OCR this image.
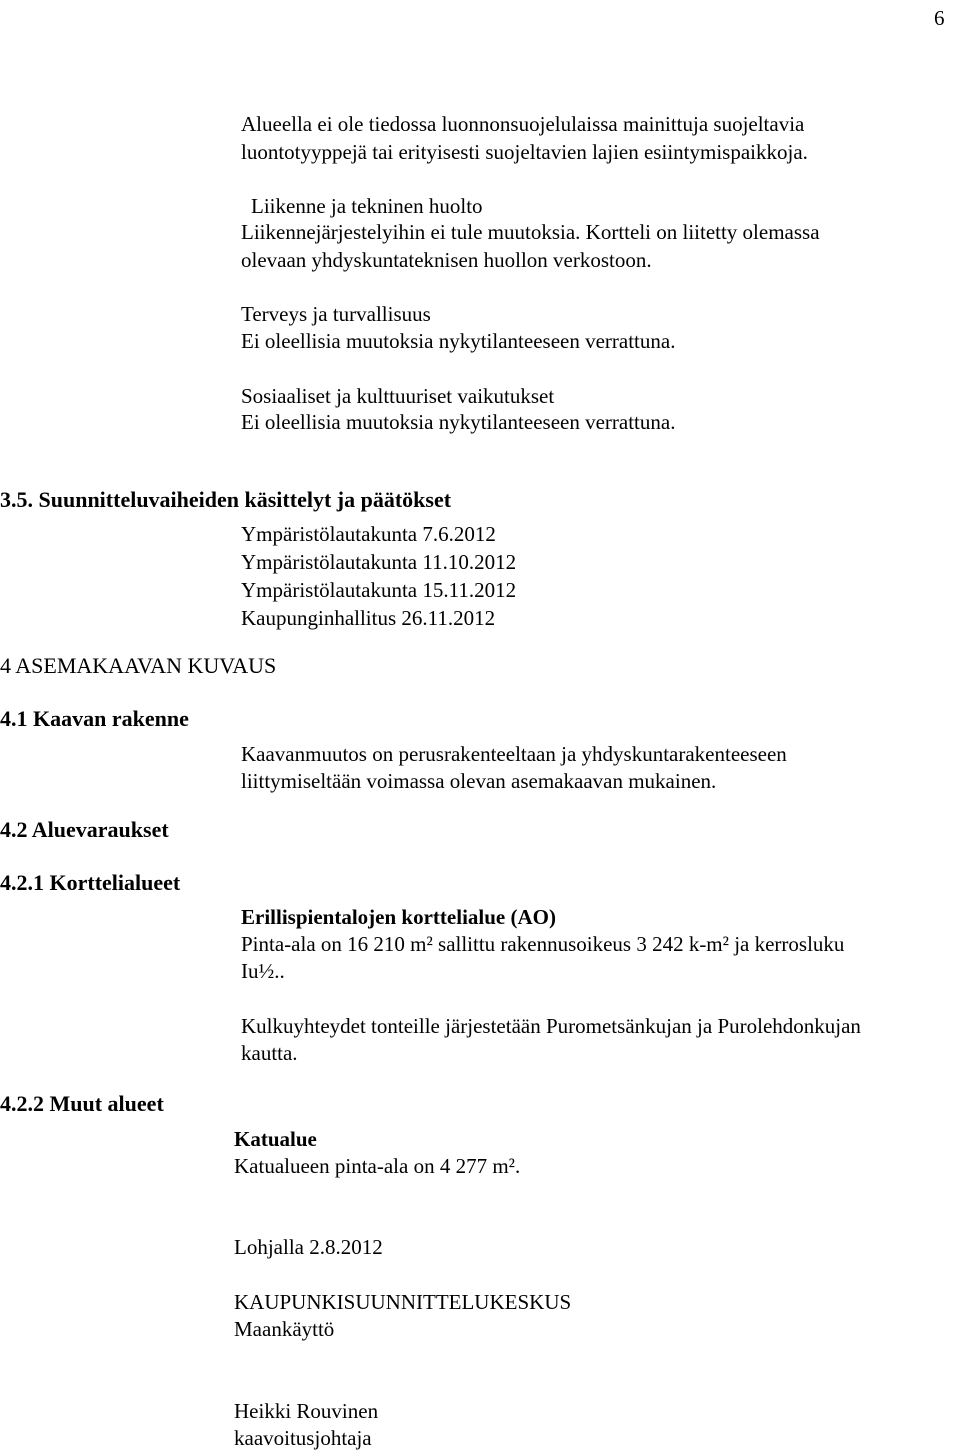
6
Alueella ei ole tiedossa luonnonsuojelulaissa mainittuja suojeltavia
luontotyyppejä tai erityisesti suojeltavien lajien esiintymispaikkoja.
Liikenne ja tekninen huolto
Liikennejärjestelyihin ei tule muutoksia. Kortteli on liitetty olemassa
olevaan yhdyskuntateknisen huollon verkostoon.
Terveys ja turvallisuus
Ei oleellisia muutoksia nykytilanteeseen verrattuna.
Sosiaaliset ja kulttuuriset vaikutukset
Ei oleellisia muutoksia nykytilanteeseen verrattuna.
3.5. Suunnitteluvaiheiden käsittelyt ja päätökset
Ympäristölautakunta 7.6.2012
Ympäristölautakunta 11.10.2012
Ympäristölautakunta 15.11.2012
Kaupunginhallitus 26.11.2012
4 ASEMAKAAVAN KUVAUS
4.1 Kaavan rakenne
Kaavanmuutos on perusrakenteeltaan ja yhdyskuntarakenteeseen
liittymiseltään voimassa olevan asemakaavan mukainen.
4.2 Aluevaraukset
4.2.1 Korttelialueet
Erillispientalojen korttelialue (AO)
Pinta-ala on 16 210 m² sallittu rakennusoikeus 3 242 k-m² ja kerrosluku
Iu½..
Kulkuyhteydet tonteille järjestetään Purometsänkujan ja Purolehdonkujan
kautta.
4.2.2 Muut alueet
Katualue
Katualueen pinta-ala on 4 277 m².
Lohjalla 2.8.2012
KAUPUNKISUUNNITTELUKESKUS
Maankäyttö
Heikki Rouvinen
kaavoitusjohtaja
